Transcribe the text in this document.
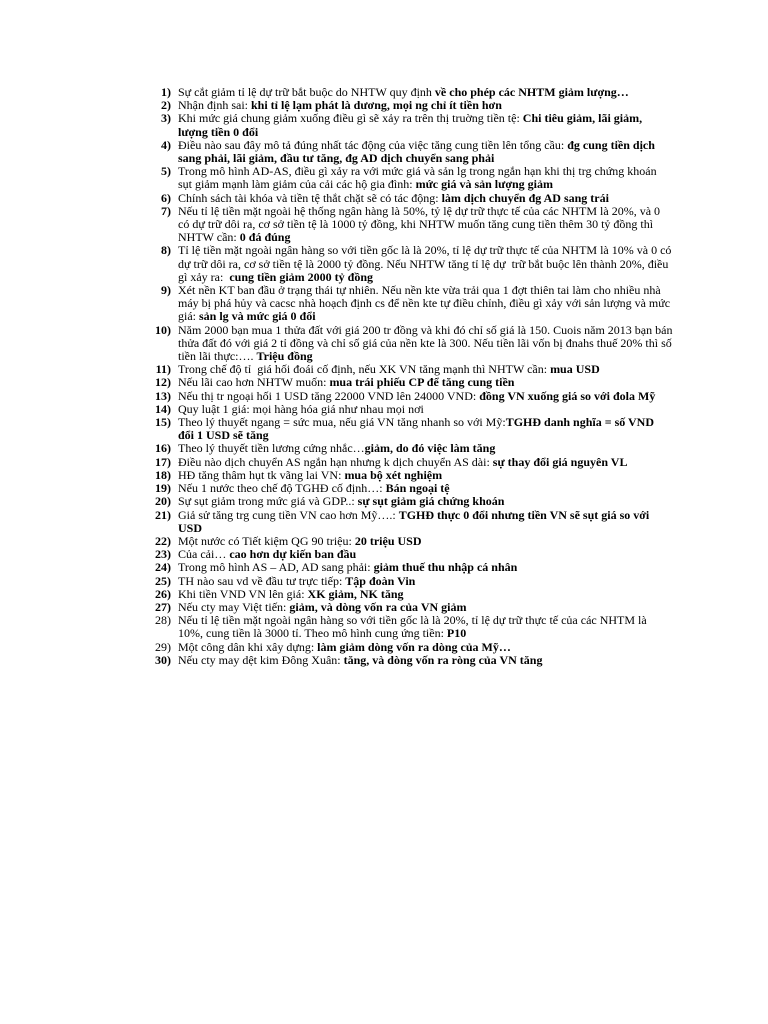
1) Sự cắt giảm tỉ lệ dự trữ bắt buộc do NHTW quy định về cho phép các NHTM giảm lượng…
2) Nhận định sai: khi tỉ lệ lạm phát là dương, mọi ng chỉ ít tiền hơn
3) Khi mức giá chung giảm xuống điều gì sẽ xảy ra trên thị truờng tiền tệ: Chi tiêu giảm, lãi giảm, lượng tiền 0 đổi
4) Điều nào sau đây mô tả đúng nhất tác động của việc tăng cung tiền lên tổng cầu: đg cung tiền dịch sang phải, lãi giảm, đầu tư tăng, đg AD dịch chuyển sang phải
5) Trong mô hình AD-AS, điều gì xảy ra với mức giá và sản lg trong ngắn hạn khi thị trg chứng khoán sụt giảm mạnh làm giảm của cải các hộ gia đình: mức giá và sản lượng giảm
6) Chính sách tài khóa và tiền tệ thắt chặt sẽ có tác động: làm dịch chuyển đg AD sang trái
7) Nếu tỉ lệ tiền mặt ngoài hệ thống ngân hàng là 50%, tỷ lệ dự trữ thực tế của các NHTM là 20%, và 0 có dự trữ dôi ra, cơ sở tiền tệ là 1000 tỷ đồng, khi NHTW muốn tăng cung tiền thêm 30 tỷ đồng thì NHTW cần: 0 đá đúng
8) Tỉ lệ tiền mặt ngoài ngân hàng so với tiền gốc là là 20%, tỉ lệ dự trữ thực tế của NHTM là 10% và 0 có dự trữ dôi ra, cơ sở tiền tệ là 2000 tỷ đồng. Nếu NHTW tăng tỉ lệ dự  trữ bắt buộc lên thành 20%, điều gì xảy ra:  cung tiền giảm 2000 tỷ đồng
9) Xét nền KT ban đầu ở trạng thái tự nhiên. Nếu nền kte vừa trải qua 1 đợt thiên tai làm cho nhiều nhà máy bị phá hủy và cacsc nhà hoạch định cs để nền kte tự điều chỉnh, điều gì xảy với sản lượng và mức giá: sản lg và mức giá 0 đổi
10) Năm 2000 bạn mua 1 thửa đất với giá 200 tr đồng và khi đó chỉ số giá là 150. Cuois năm 2013 bạn bán thửa đất đó với giá 2 tỉ đồng và chỉ số giá của nền kte là 300. Nếu tiền lãi vốn bị đnahs thuế 20% thì số tiền lãi thực:…. Triệu đồng
11) Trong chế độ tỉ  giá hối đoái cố định, nếu XK VN tăng mạnh thì NHTW cần: mua USD
12) Nếu lãi cao hơn NHTW muốn: mua trái phiếu CP để tăng cung tiền
13) Nếu thị tr ngoại hối 1 USD tăng 22000 VND lên 24000 VND: đồng VN xuống giá so với đola Mỹ
14) Quy luật 1 giá: mọi hàng hóa giá như nhau mọi nơi
15) Theo lý thuyết ngang = sức mua, nếu giá VN tăng nhanh so với Mỹ:TGHĐ danh nghĩa = số VND đổi 1 USD sẽ tăng
16) Theo lý thuyết tiền lương cứng nhắc…giảm, do đó việc làm tăng
17) Điều nào dịch chuyển AS ngắn hạn nhưng k dịch chuyển AS dài: sự thay đổi giá nguyên VL
18) HĐ tăng thâm hụt tk vãng lai VN: mua bộ xét nghiệm
19) Nếu 1 nước theo chế độ TGHĐ cố định…: Bán ngoại tệ
20) Sự sụt giảm trong mức giá và GDP..: sự sụt giảm giá chứng khoán
21) Giả sử tăng trg cung tiền VN cao hơn Mỹ….: TGHĐ thực 0 đổi nhưng tiền VN sẽ sụt giá so với USD
22) Một nước có Tiết kiệm QG 90 triệu: 20 triệu USD
23) Của cải… cao hơn dự kiến ban đầu
24) Trong mô hình AS – AD, AD sang phải: giảm thuế thu nhập cá nhân
25) TH nào sau vd về đầu tư trực tiếp: Tập đoàn Vin
26) Khi tiền VND VN lên giá: XK giảm, NK tăng
27) Nếu cty may Việt tiến: giảm, và dòng vốn ra của VN giảm
28) Nếu tỉ lệ tiền mặt ngoài ngân hàng so với tiền gốc là là 20%, tỉ lệ dự trữ thực tế của các NHTM là 10%, cung tiền là 3000 tỉ. Theo mô hình cung ứng tiền: P10
29) Một công dân khi xây dựng: làm giảm dòng vốn ra dòng của Mỹ…
30) Nếu cty may dệt kim Đông Xuân: tăng, và dòng vốn ra ròng của VN tăng
